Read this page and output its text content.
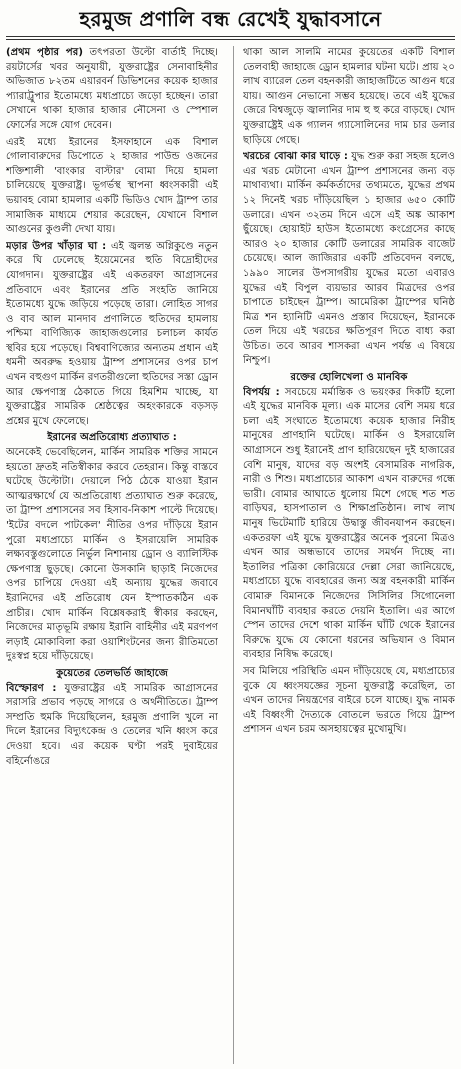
হরমুজ প্রণালি বন্ধ রেখেই যুদ্ধাবসানে

(প্রথম পৃষ্ঠার পর) তৎপরতা উল্টো বার্তাই দিচ্ছে। রয়টার্সের খবর অনুযায়ী, যুক্তরাষ্ট্রের সেনাবাহিনীর অভিজাত ৮২তম এয়ারবর্ন ডিভিশনের কয়েক হাজার প্যারাট্রুপার ইতোমধ্যে মধ্যপ্রাচ্যে জড়ো হচ্ছেন। তারা সেখানে থাকা হাজার হাজার নৌসেনা ও স্পেশাল ফোর্সের সঙ্গে যোগ দেবেন।

এরই মধ্যে ইরানের ইসফাহানে এক বিশাল গোলাবারুদের ডিপোতে ২ হাজার পাউন্ড ওজনের শক্তিশালী 'বাংকার বাস্টার' বোমা দিয়ে হামলা চালিয়েছে যুক্তরাষ্ট্র। ভূগর্ভস্থ স্থাপনা ধ্বংসকারী এই ভয়াবহ বোমা হামলার একটি ভিডিও খোদ ট্রাম্প তার সামাজিক মাধ্যমে শেয়ার করেছেন, যেখানে বিশাল আগুনের কুণ্ডলী দেখা যায়।

মড়ার উপর খাঁড়ার ঘা : এই জ্বলন্ত অগ্নিকুণ্ডে নতুন করে ঘি ঢেলেছে ইয়েমেনের হুতি বিদ্রোহীদের যোগদান। যুক্তরাষ্ট্রের এই একতরফা আগ্রাসনের প্রতিবাদে এবং ইরানের প্রতি সংহতি জানিয়ে ইতোমধ্যে যুদ্ধে জড়িয়ে পড়েছে তারা। লোহিত সাগর ও বাব আল মানদাব প্রণালিতে হুতিদের হামলায় পশ্চিমা বাণিজ্যিক জাহাজগুলোর চলাচল কার্যত স্থবির হয়ে পড়েছে। বিশ্ববাণিজ্যের অন্যতম প্রধান এই ধমনী অবরুদ্ধ হওয়ায় ট্রাম্প প্রশাসনের ওপর চাপ এখন বহুগুণ মার্কিন রণতরীগুলো হুতিদের সস্তা ড্রোন আর ক্ষেপণাস্ত্র ঠেকাতে গিয়ে হিমশিম খাচ্ছে, যা যুক্তরাষ্ট্রের সামরিক শ্রেষ্ঠত্বের অহংকারকে বড়সড় প্রশ্নের মুখে ফেলেছে।

ইরানের অপ্রতিরোধ্য প্রত্যাঘাত :

অনেকেই ভেবেছিলেন, মার্কিন সামরিক শক্তির সামনে হয়তো দ্রুতই নতিস্বীকার করবে তেহরান। কিন্তু বাস্তবে ঘটেছে উল্টোটা। দেয়ালে পিঠ ঠেকে যাওয়া ইরান আত্মরক্ষার্থে যে অপ্রতিরোধ্য প্রত্যাঘাত শুরু করেছে, তা ট্রাম্প প্রশাসনের সব হিসাব-নিকাশ পাল্টে দিয়েছে। 'ইটের বদলে পাটকেল' নীতির ওপর দাঁড়িয়ে ইরান পুরো মধ্যপ্রাচ্যে মার্কিন ও ইসরায়েলি সামরিক লক্ষ্যবস্তুগুলোতে নির্ভুল নিশানায় ড্রোন ও ব্যালিস্টিক ক্ষেপণাস্ত্র ছুড়ছে। কোনো উসকানি ছাড়াই নিজেদের ওপর চাপিয়ে দেওয়া এই অন্যায় যুদ্ধের জবাবে ইরানিদের এই প্রতিরোধ যেন ইস্পাতকঠিন এক প্রাচীর। খোদ মার্কিন বিশ্লেষকরাই স্বীকার করছেন, নিজেদের মাতৃভূমি রক্ষায় ইরানি বাহিনীর এই মরণপণ লড়াই মোকাবিলা করা ওয়াশিংটনের জন্য রীতিমতো দুঃস্বপ্ন হয়ে দাঁড়িয়েছে।

কুয়েতের তেলভর্তি জাহাজে

বিস্ফোরণ : যুক্তরাষ্ট্রের এই সামরিক আগ্রাসনের সরাসরি প্রভাব পড়ছে সাগরে ও অর্থনীতিতে। ট্রাম্প সম্প্রতি হুমকি দিয়েছিলেন, হরমুজ প্রণালি খুলে না দিলে ইরানের বিদ্যুৎকেন্দ্র ও তেলের খনি ধ্বংস করে দেওয়া হবে। এর কয়েক ঘণ্টা পরই দুবাইয়ের বহির্নোঙরে

থাকা আল সালমি নামের কুয়েতের একটি বিশাল তেলবাহী জাহাজে ড্রোন হামলার ঘটনা ঘটে। প্রায় ২০ লাখ ব্যারেল তেল বহনকারী জাহাজটিতে আগুন ধরে যায়। আগুন নেভানো সম্ভব হয়েছে। তবে এই যুদ্ধের জেরে বিশ্বজুড়ে জ্বালানির দাম হু হু করে বাড়ছে। খোদ যুক্তরাষ্ট্রেই এক গ্যালন গ্যাসোলিনের দাম চার ডলার ছাড়িয়ে গেছে।

খরচের বোঝা কার ঘাড়ে : যুদ্ধ শুরু করা সহজ হলেও এর খরচ মেটানো এখন ট্রাম্প প্রশাসনের জন্য বড় মাথাব্যথা। মার্কিন কর্মকর্তাদের তথ্যমতে, যুদ্ধের প্রথম ১২ দিনেই খরচ দাঁড়িয়েছিল ১ হাজার ৬৫০ কোটি ডলারে। এখন ৩২তম দিনে এসে এই অঙ্ক আকাশ ছুঁয়েছে। হোয়াইট হাউস ইতোমধ্যে কংগ্রেসের কাছে আরও ২০ হাজার কোটি ডলারের সামরিক বাজেট চেয়েছে। আল জাজিরার একটি প্রতিবেদন বলছে, ১৯৯০ সালের উপসাগরীয় যুদ্ধের মতো এবারও যুদ্ধের এই বিপুল ব্যয়ভার আরব মিত্রদের ওপর চাপাতে চাইছেন ট্রাম্প। আমেরিকা ট্রাম্পের ঘনিষ্ঠ মিত্র শন হ্যানিটি এমনও প্রস্তাব দিয়েছেন, ইরানকে তেল দিয়ে এই খরচের ক্ষতিপূরণ দিতে বাধ্য করা উচিত। তবে আরব শাসকরা এখন পর্যন্ত এ বিষয়ে নিশ্চুপ।

রক্তের হোলিখেলা ও মানবিক

বিপর্যয় : সবচেয়ে মর্মান্তিক ও ভয়ংকর দিকটি হলো এই যুদ্ধের মানবিক মূল্য। এক মাসের বেশি সময় ধরে চলা এই সংঘাতে ইতোমধ্যে কয়েক হাজার নিরীহ মানুষের প্রাণহানি ঘটেছে। মার্কিন ও ইসরায়েলি আগ্রাসনে শুধু ইরানেই প্রাণ হারিয়েছেন দুই হাজারের বেশি মানুষ, যাদের বড় অংশই বেসামরিক নাগরিক, নারী ও শিশু। মধ্যপ্রাচ্যের আকাশ এখন বারুদের গন্ধে ভারী। বোমার আঘাতে ধুলোয় মিশে গেছে শত শত বাড়িঘর, হাসপাতাল ও শিক্ষাপ্রতিষ্ঠান। লাখ লাখ মানুষ ভিটেমাটি হারিয়ে উদ্বাস্তু জীবনযাপন করছেন। একতরফা এই যুদ্ধে যুক্তরাষ্ট্রের অনেক পুরনো মিত্রও এখন আর অন্ধভাবে তাদের সমর্থন দিচ্ছে না। ইতালির পত্রিকা কোরিয়েরে দেল্লা সেরা জানিয়েছে, মধ্যপ্রাচ্যে যুদ্ধে ব্যবহারের জন্য অস্ত্র বহনকারী মার্কিন বোমারু বিমানকে নিজেদের সিসিলির সিগোনেলা বিমানঘাঁটি ব্যবহার করতে দেয়নি ইতালি। এর আগে স্পেন তাদের দেশে থাকা মার্কিন ঘাঁটি থেকে ইরানের বিরুদ্ধে যুদ্ধে যে কোনো ধরনের অভিযান ও বিমান ব্যবহার নিষিদ্ধ করেছে।

সব মিলিয়ে পরিস্থিতি এমন দাঁড়িয়েছে যে, মধ্যপ্রাচ্যের বুকে যে ধ্বংসযজ্ঞের সূচনা যুক্তরাষ্ট্র করেছিল, তা এখন তাদের নিয়ন্ত্রণের বাইরে চলে যাচ্ছে। যুদ্ধ নামক এই বিধ্বংসী দৈত্যকে বোতলে ভরতে গিয়ে ট্রাম্প প্রশাসন এখন চরম অসহায়ত্বের মুখোমুখি।
